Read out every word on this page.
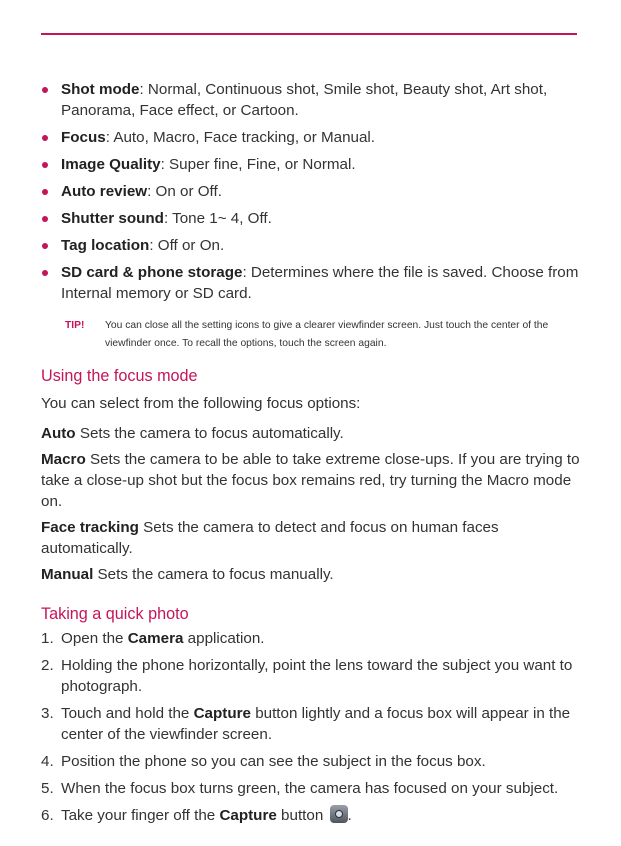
Shot mode: Normal, Continuous shot, Smile shot, Beauty shot, Art shot, Panorama, Face effect, or Cartoon.
Focus: Auto, Macro, Face tracking, or Manual.
Image Quality: Super fine, Fine, or Normal.
Auto review: On or Off.
Shutter sound: Tone 1~ 4, Off.
Tag location: Off or On.
SD card & phone storage: Determines where the file is saved. Choose from Internal memory or SD card.
TIP!	You can close all the setting icons to give a clearer viewfinder screen. Just touch the center of the viewfinder once. To recall the options, touch the screen again.
Using the focus mode

You can select from the following focus options:

Auto Sets the camera to focus automatically.

Macro Sets the camera to be able to take extreme close-ups. If you are trying to take a close-up shot but the focus box remains red, try turning the Macro mode on.

Face tracking Sets the camera to detect and focus on human faces automatically.

Manual Sets the camera to focus manually.

Taking a quick photo
1. Open the Camera application.
2. Holding the phone horizontally, point the lens toward the subject you want to photograph.
3. Touch and hold the Capture button lightly and a focus box will appear in the center of the viewfinder screen.
4. Position the phone so you can see the subject in the focus box.
5. When the focus box turns green, the camera has focused on your subject.
6. Take your finger off the Capture button .
